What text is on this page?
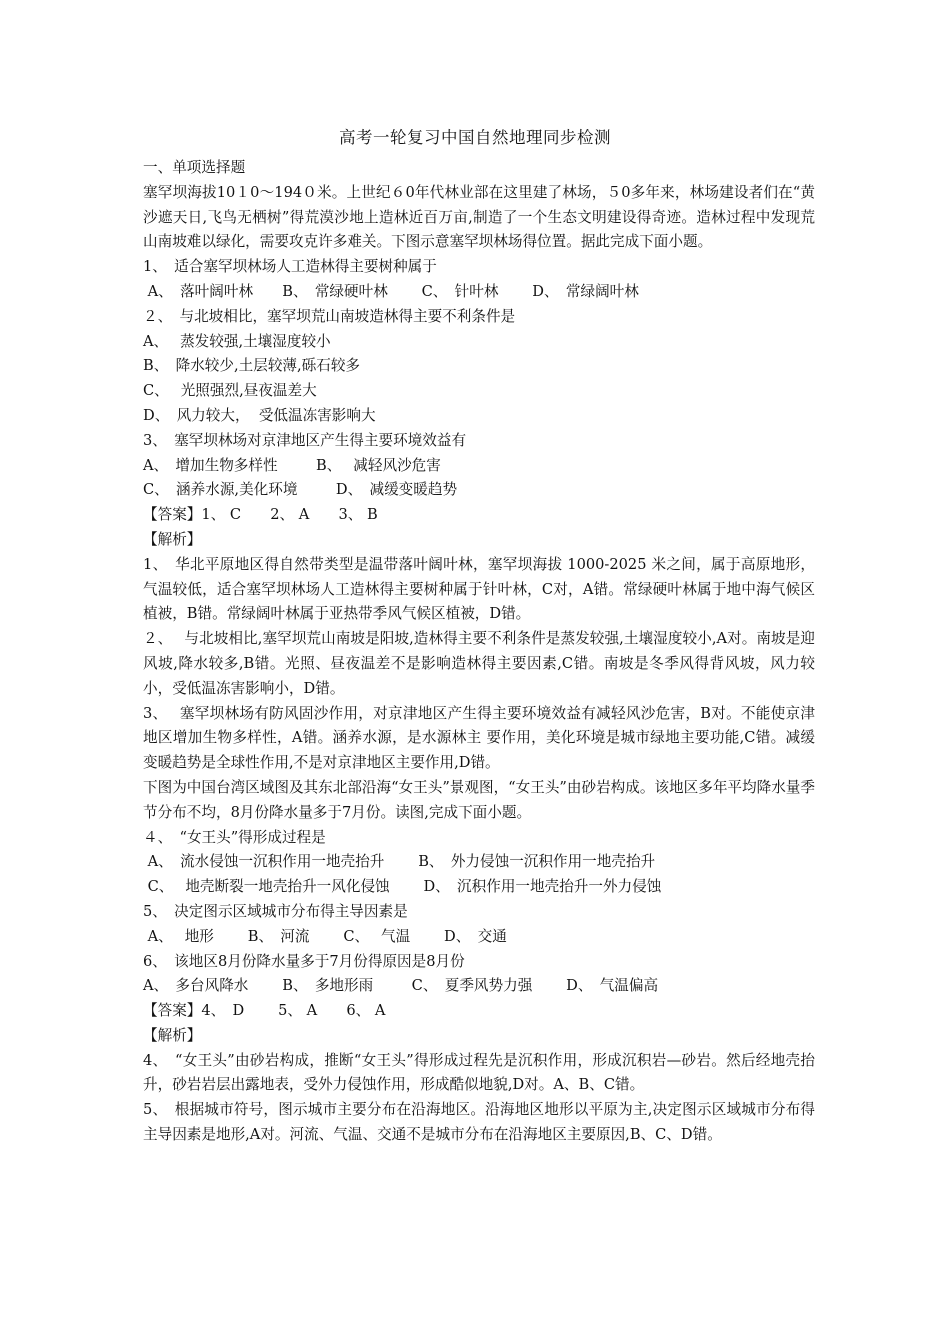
高考一轮复习中国自然地理同步检测

一、单项选择题

塞罕坝海拔10１0～194０米。上世纪６0年代林业部在这里建了林场，５0多年来，林场建设者们在“黄沙遮天日,飞鸟无栖树”得荒漠沙地上造林近百万亩,制造了一个生态文明建设得奇迹。造林过程中发现荒山南坡难以绿化，需要攻克许多难关。下图示意塞罕坝林场得位置。据此完成下面小题。

1、　适合塞罕坝林场人工造林得主要树种属于

A、　落叶阔叶林　　B、　常绿硬叶林　　 C、　针叶林　　 D、　常绿阔叶林

２、　与北坡相比，塞罕坝荒山南坡造林得主要不利条件是

A、　 蒸发较强,土壤湿度较小

B、　降水较少,土层较薄,砾石较多

C、　 光照强烈,昼夜温差大

D、　风力较大，  受低温冻害影响大

3、　塞罕坝林场对京津地区产生得主要环境效益有

A、　增加生物多样性　　  B、　 减轻风沙危害

C、　涵养水源,美化环境　　  D、　减缓变暖趋势

【答案】1、 C　　2、 A　　3、 B

【解析】

1、　华北平原地区得自然带类型是温带落叶阔叶林，塞罕坝海拔 1000-2025 米之间，属于高原地形，气温较低，适合塞罕坝林场人工造林得主要树种属于针叶林，C对，A错。常绿硬叶林属于地中海气候区植被，B错。常绿阔叶林属于亚热带季风气候区植被，D错。

２、　 与北坡相比,塞罕坝荒山南坡是阳坡,造林得主要不利条件是蒸发较强,土壤湿度较小,A对。南坡是迎风坡,降水较多,B错。光照、昼夜温差不是影响造林得主要因素,C错。南坡是冬季风得背风坡，风力较小，受低温冻害影响小，D错。

3、　 塞罕坝林场有防风固沙作用，对京津地区产生得主要环境效益有减轻风沙危害，B对。不能使京津地区增加生物多样性，A错。涵养水源，是水源林主 要作用，美化环境是城市绿地主要功能,C错。减缓变暖趋势是全球性作用,不是对京津地区主要作用,D错。

下图为中国台湾区域图及其东北部沿海“女王头”景观图，“女王头”由砂岩构成。该地区多年平均降水量季节分布不均，8月份降水量多于7月份。读图,完成下面小题。

４、　“女王头”得形成过程是

A、　流水侵蚀一沉积作用一地壳抬升　　 B、　外力侵蚀一沉积作用一地壳抬升

C、　 地壳断裂一地壳抬升一风化侵蚀　　 D、　沉积作用一地壳抬升一外力侵蚀

5、　决定图示区域城市分布得主导因素是

A、　 地形　　 B、　河流　　 C、　 气温　　 D、　交通

6、　该地区8月份降水量多于7月份得原因是8月份

A、　多台风降水　　 B、　多地形雨　　  C、　夏季风势力强　　 D、　气温偏高

【答案】4、　D　　 5、 A　　6、 A

【解析】

4、　“女王头”由砂岩构成，推断“女王头”得形成过程先是沉积作用，形成沉积岩—砂岩。然后经地壳抬升，砂岩岩层出露地表，受外力侵蚀作用，形成酷似地貌,D对。A、B、C错。

5、　根据城市符号，图示城市主要分布在沿海地区。沿海地区地形以平原为主,决定图示区域城市分布得主导因素是地形,A对。河流、气温、交通不是城市分布在沿海地区主要原因,B、C、D错。
